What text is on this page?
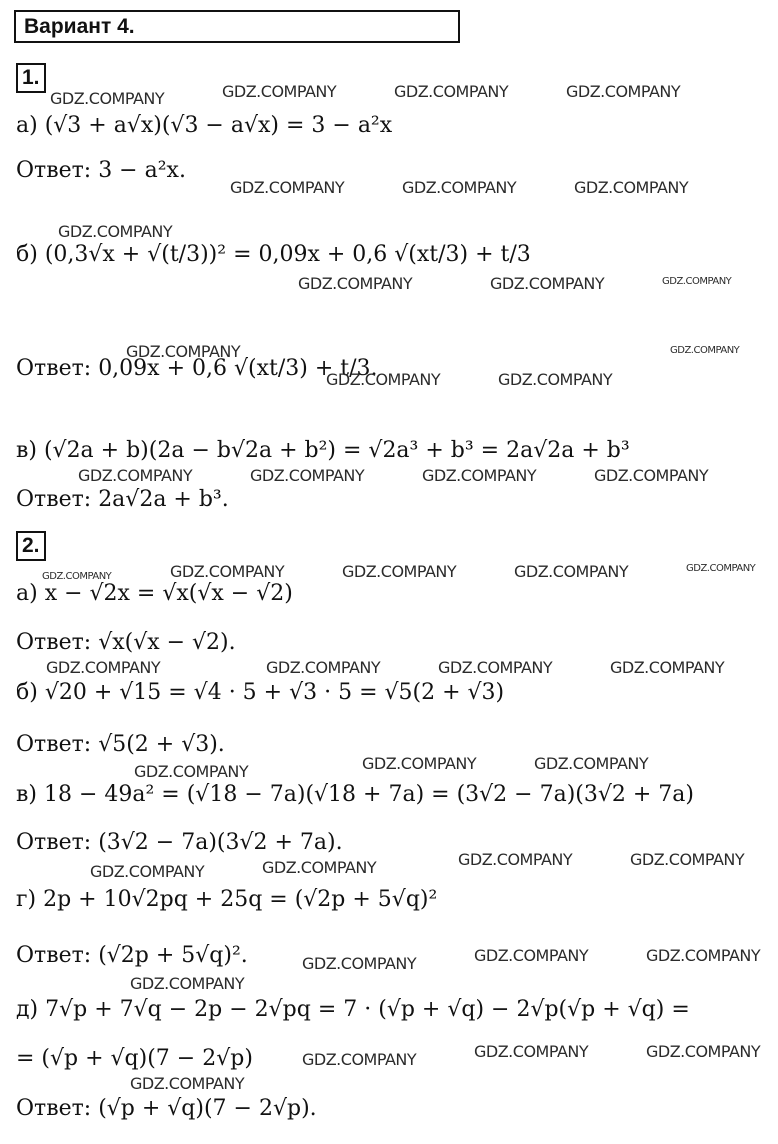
Вариант 4.
1.
а) (√3 + a√x)(√3 − a√x) = 3 − a²x
Ответ: 3 − a²x.
б) (0,3√x + √(t/3))² = 0,09x + 0,6 √(xt/3) + t/3
Ответ: 0,09x + 0,6 √(xt/3) + t/3.
в) (√2a + b)(2a − b√2a + b²) = √2a³ + b³ = 2a√2a + b³
Ответ: 2a√2a + b³.
2.
а) x − √2x = √x(√x − √2)
Ответ: √x(√x − √2).
б) √20 + √15 = √4 · 5 + √3 · 5 = √5(2 + √3)
Ответ: √5(2 + √3).
в) 18 − 49a² = (√18 − 7a)(√18 + 7a) = (3√2 − 7a)(3√2 + 7a)
Ответ: (3√2 − 7a)(3√2 + 7a).
г) 2p + 10√2pq + 25q = (√2p + 5√q)²
Ответ: (√2p + 5√q)².
д) 7√p + 7√q − 2p − 2√pq = 7 · (√p + √q) − 2√p(√p + √q) =
= (√p + √q)(7 − 2√p)
Ответ: (√p + √q)(7 − 2√p).
GDZ.COMPANY	GDZ.COMPANY	GDZ.COMPANY	GDZ.COMPANY
GDZ.COMPANY	GDZ.COMPANY	GDZ.COMPANY
GDZ.COMPANY
GDZ.COMPANY	GDZ.COMPANY	GDZ.COMPANY
GDZ.COMPANY	GDZ.COMPANY
GDZ.COMPANY	GDZ.COMPANY
GDZ.COMPANY	GDZ.COMPANY	GDZ.COMPANY	GDZ.COMPANY
GDZ.COMPANY	GDZ.COMPANY	GDZ.COMPANY	GDZ.COMPANY	GDZ.COMPANY
GDZ.COMPANY	GDZ.COMPANY	GDZ.COMPANY	GDZ.COMPANY
GDZ.COMPANY	GDZ.COMPANY	GDZ.COMPANY
GDZ.COMPANY	GDZ.COMPANY	GDZ.COMPANY	GDZ.COMPANY
GDZ.COMPANY	GDZ.COMPANY	GDZ.COMPANY
GDZ.COMPANY
GDZ.COMPANY	GDZ.COMPANY	GDZ.COMPANY
GDZ.COMPANY
